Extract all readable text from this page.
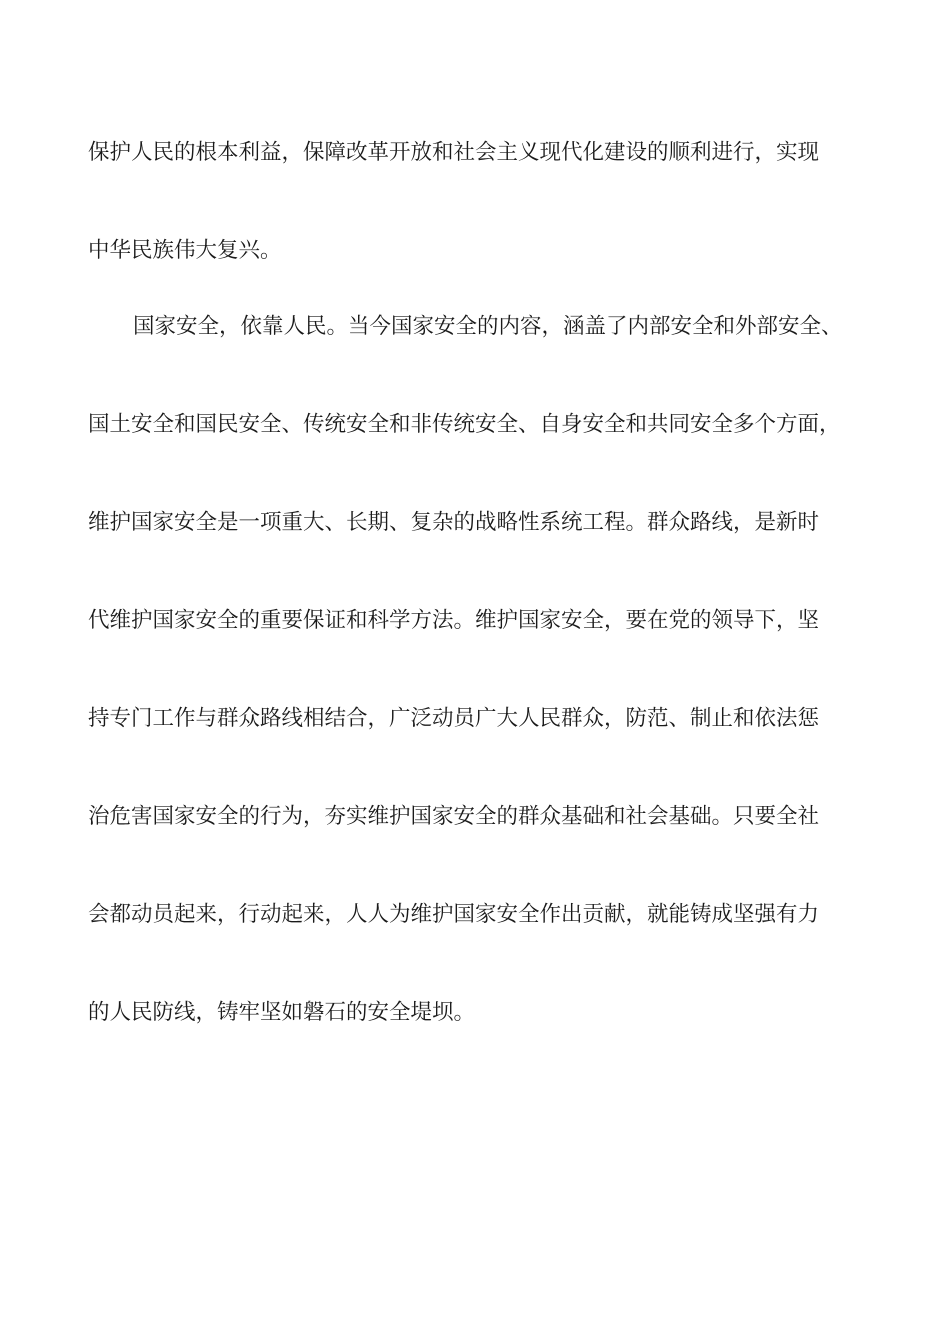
保护人民的根本利益，保障改革开放和社会主义现代化建设的顺利进行，实现
中华民族伟大复兴。
国家安全，依靠人民。当今国家安全的内容，涵盖了内部安全和外部安全、
国土安全和国民安全、传统安全和非传统安全、自身安全和共同安全多个方面，
维护国家安全是一项重大、长期、复杂的战略性系统工程。群众路线，是新时
代维护国家安全的重要保证和科学方法。维护国家安全，要在党的领导下，坚
持专门工作与群众路线相结合，广泛动员广大人民群众，防范、制止和依法惩
治危害国家安全的行为，夯实维护国家安全的群众基础和社会基础。只要全社
会都动员起来，行动起来，人人为维护国家安全作出贡献，就能铸成坚强有力
的人民防线，铸牢坚如磐石的安全堤坝。
